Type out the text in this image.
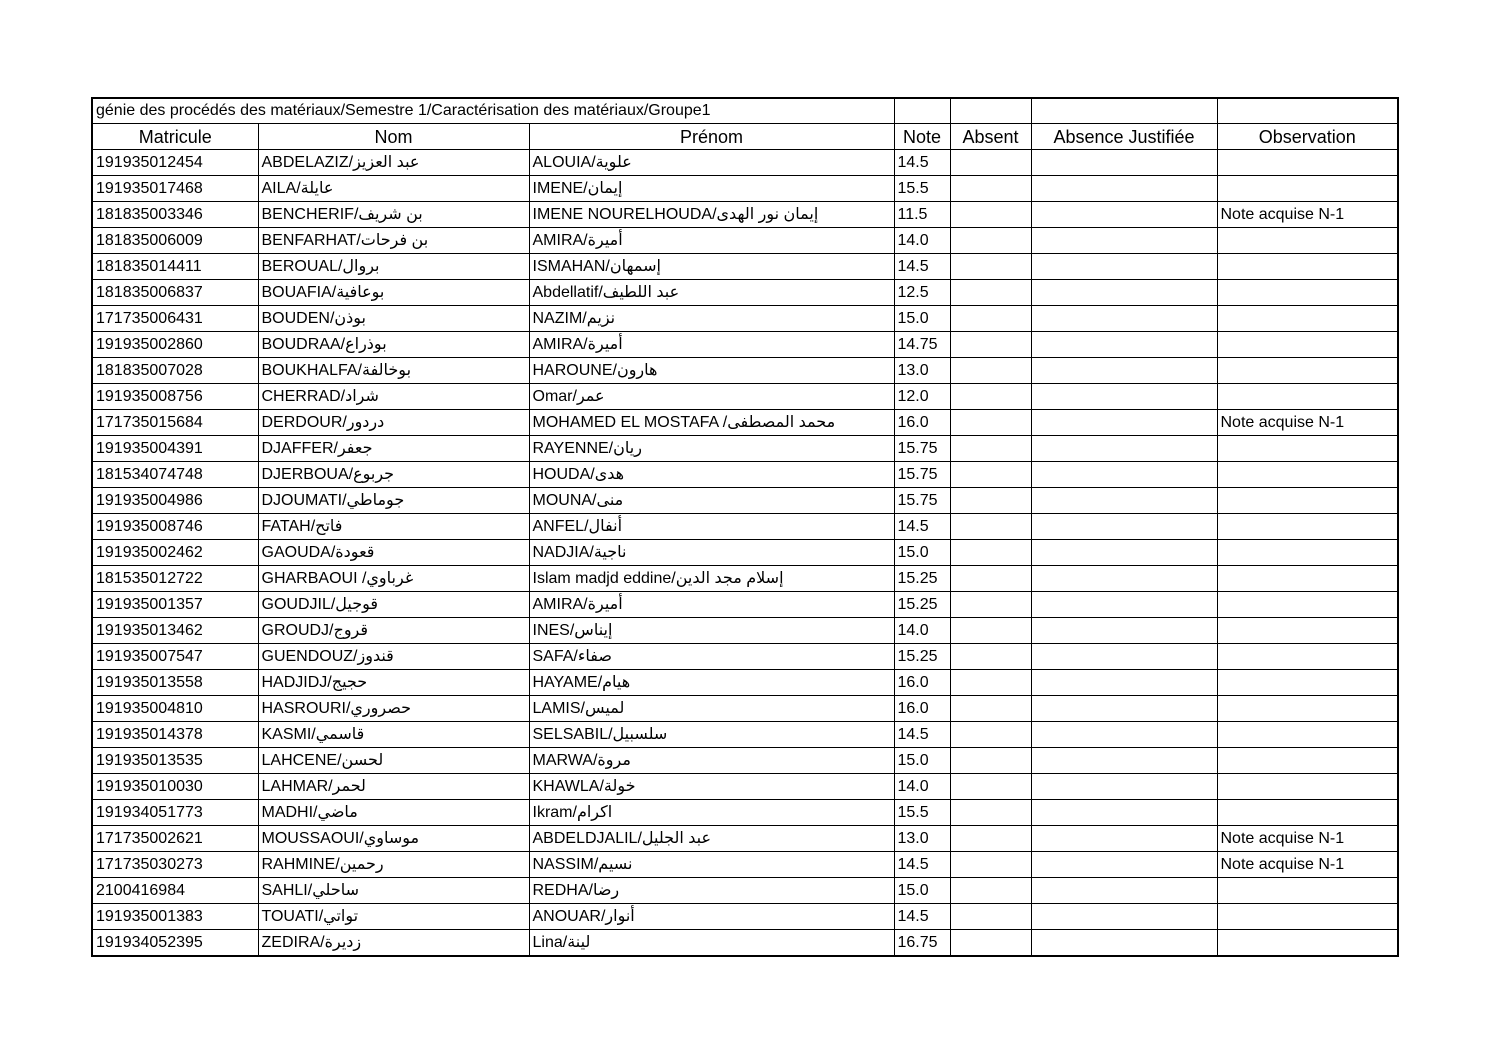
génie des procédés des matériaux/Semestre 1/Caractérisation des matériaux/Groupe1						
Matricule	Nom	Prénom	Note	Absent	Absence Justifiée	Observation
191935012454	ABDELAZIZ/عبد العزيز	ALOUIA/علوية	14.5			
191935017468	AILA/عايلة	IMENE/إيمان	15.5			
181835003346	BENCHERIF/بن شريف	IMENE NOURELHOUDA/إيمان نور الهدى	11.5			Note acquise N-1
181835006009	BENFARHAT/بن فرحات	AMIRA/أميرة	14.0			
181835014411	BEROUAL/بروال	ISMAHAN/إسمهان	14.5			
181835006837	BOUAFIA/بوعافية	Abdellatif/عبد اللطيف	12.5			
171735006431	BOUDEN/بوذن	NAZIM/نزيم	15.0			
191935002860	BOUDRAA/بوذراع	AMIRA/أميرة	14.75			
181835007028	BOUKHALFA/بوخالفة	HAROUNE/هارون	13.0			
191935008756	CHERRAD/شراد	Omar/عمر	12.0			
171735015684	DERDOUR/دردور	MOHAMED EL MOSTAFA /محمد المصطفى	16.0			Note acquise N-1
191935004391	DJAFFER/جعفر	RAYENNE/ريان	15.75			
181534074748	DJERBOUA/جربوع	HOUDA/هدى	15.75			
191935004986	DJOUMATI/جوماطي	MOUNA/منى	15.75			
191935008746	FATAH/فاتح	ANFEL/أنفال	14.5			
191935002462	GAOUDA/قعودة	NADJIA/ناجية	15.0			
181535012722	GHARBAOUI /غرباوي	Islam madjd eddine/إسلام مجد الدين	15.25			
191935001357	GOUDJIL/قوجيل	AMIRA/أميرة	15.25			
191935013462	GROUDJ/قروج	INES/إيناس	14.0			
191935007547	GUENDOUZ/قندوز	SAFA/صفاء	15.25			
191935013558	HADJIDJ/حجيج	HAYAME/هيام	16.0			
191935004810	HASROURI/حصروري	LAMIS/لميس	16.0			
191935014378	KASMI/قاسمي	SELSABIL/سلسبيل	14.5			
191935013535	LAHCENE/لحسن	MARWA/مروة	15.0			
191935010030	LAHMAR/لحمر	KHAWLA/خولة	14.0			
191934051773	MADHI/ماضي	Ikram/اكرام	15.5			
171735002621	MOUSSAOUI/موساوي	ABDELDJALIL/عبد الجليل	13.0			Note acquise N-1
171735030273	RAHMINE/رحمين	NASSIM/نسيم	14.5			Note acquise N-1
2100416984	SAHLI/ساحلي	REDHA/رضا	15.0			
191935001383	TOUATI/تواتي	ANOUAR/أنوار	14.5			
191934052395	ZEDIRA/زديرة	Lina/لينة	16.75			
